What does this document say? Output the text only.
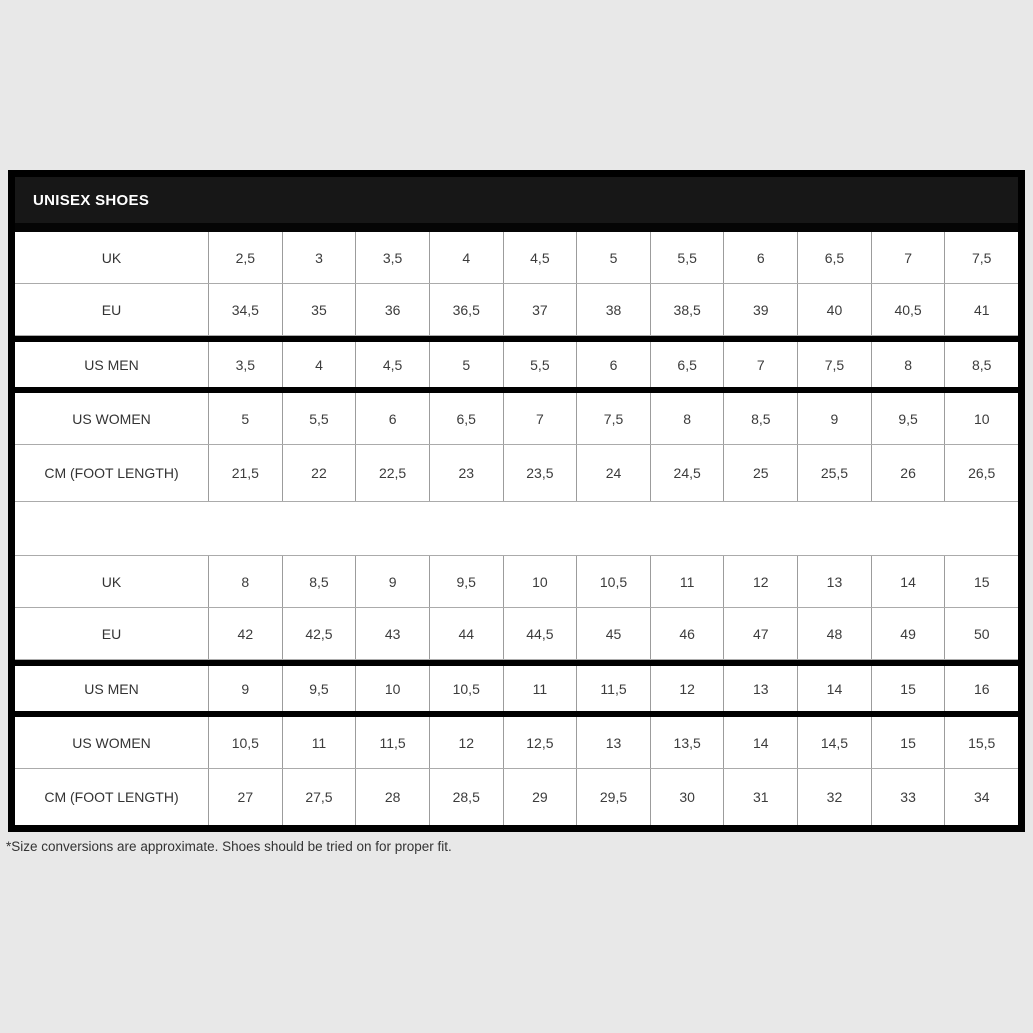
UNISEX SHOES
UK	2,5	3	3,5	4	4,5	5	5,5	6	6,5	7	7,5
EU	34,5	35	36	36,5	37	38	38,5	39	40	40,5	41
US MEN	3,5	4	4,5	5	5,5	6	6,5	7	7,5	8	8,5
US WOMEN	5	5,5	6	6,5	7	7,5	8	8,5	9	9,5	10
CM (FOOT LENGTH)	21,5	22	22,5	23	23,5	24	24,5	25	25,5	26	26,5
UK	8	8,5	9	9,5	10	10,5	11	12	13	14	15
EU	42	42,5	43	44	44,5	45	46	47	48	49	50
US MEN	9	9,5	10	10,5	11	11,5	12	13	14	15	16
US WOMEN	10,5	11	11,5	12	12,5	13	13,5	14	14,5	15	15,5
CM (FOOT LENGTH)	27	27,5	28	28,5	29	29,5	30	31	32	33	34
*Size conversions are approximate. Shoes should be tried on for proper fit.
